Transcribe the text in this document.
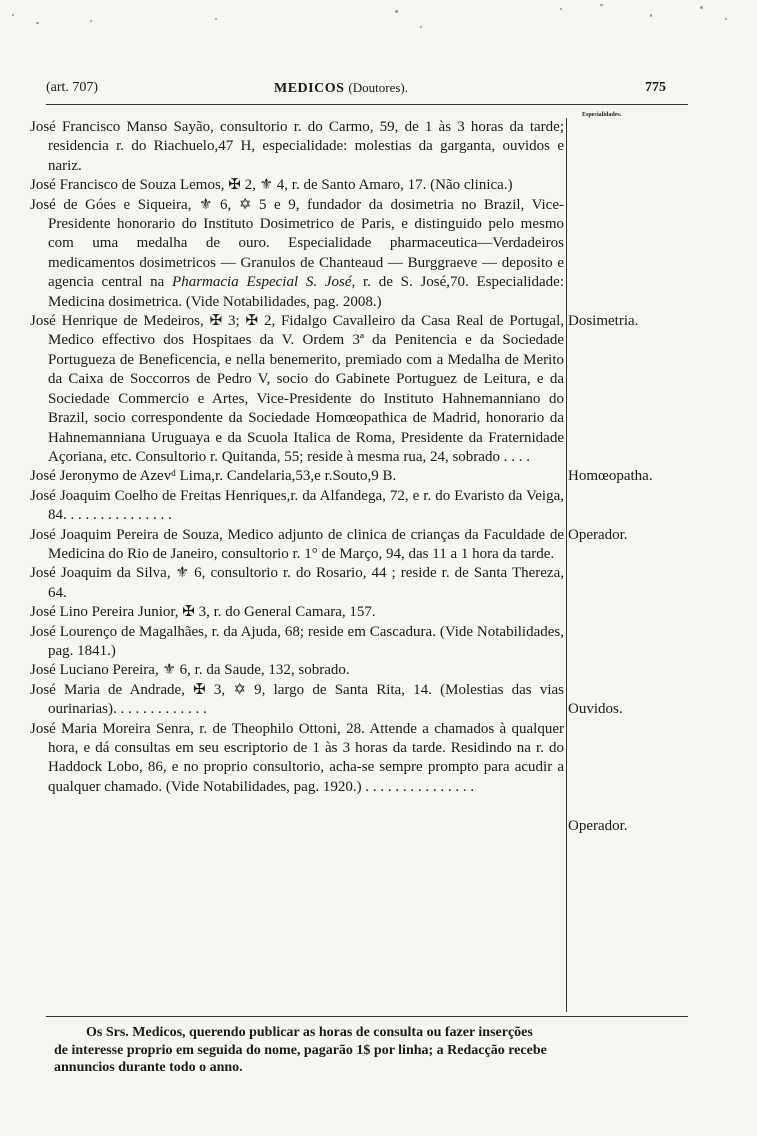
(art. 707)	MEDICOS (Doutores).	775
Especialidades.
José Francisco Manso Sayão, consultorio r. do Carmo, 59, de 1 às 3 horas da tarde; residencia r. do Riachuelo,47 H, especialidade: molestias da garganta, ouvidos e nariz.
José Francisco de Souza Lemos, ✠ 2, ⚜ 4, r. de Santo Amaro, 17. (Não clinica.)
José de Góes e Siqueira, ⚜ 6, ✡ 5 e 9, fundador da dosimetria no Brazil, Vice-Presidente honorario do Instituto Dosimetrico de Paris, e distinguido pelo mesmo com uma medalha de ouro. Especialidade pharmaceutica—Verdadeiros medicamentos dosimetricos — Granulos de Chanteaud — Burggraeve — deposito e agencia central na Pharmacia Especial S. José, r. de S. José,70. Especialidade: Medicina dosimetrica. (Vide Notabilidades, pag. 2008.)
Dosimetria.
José Henrique de Medeiros, ✠ 3; ✠ 2, Fidalgo Cavalleiro da Casa Real de Portugal, Medico effectivo dos Hospitaes da V. Ordem 3ª da Penitencia e da Sociedade Portugueza de Beneficencia, e nella benemerito, premiado com a Medalha de Merito da Caixa de Soccorros de Pedro V, socio do Gabinete Portuguez de Leitura, e da Sociedade Commercio e Artes, Vice-Presidente do Instituto Hahnemanniano do Brazil, socio correspondente da Sociedade Homœopathica de Madrid, honorario da Hahnemanniana Uruguaya e da Scuola Italica de Roma, Presidente da Fraternidade Açoriana, etc. Consultorio r. Quitanda, 55; reside à mesma rua, 24, sobrado . . . .
Homœopatha.
José Jeronymo de Azevᵈ Lima,r. Candelaria,53,e r.Souto,9 B.
José Joaquim Coelho de Freitas Henriques,r. da Alfandega, 72, e r. do Evaristo da Veiga, 84. . . . . . . . . . . . . . .
Operador.
José Joaquim Pereira de Souza, Medico adjunto de clinica de crianças da Faculdade de Medicina do Rio de Janeiro, consultorio r. 1° de Março, 94, das 11 a 1 hora da tarde.
José Joaquim da Silva, ⚜ 6, consultorio r. do Rosario, 44 ; reside r. de Santa Thereza, 64.
José Lino Pereira Junior, ✠ 3, r. do General Camara, 157.
José Lourenço de Magalhães, r. da Ajuda, 68; reside em Cascadura. (Vide Notabilidades, pag. 1841.)
José Luciano Pereira, ⚜ 6, r. da Saude, 132, sobrado.
Ouvidos.
José Maria de Andrade, ✠ 3, ✡ 9, largo de Santa Rita, 14. (Molestias das vias ourinarias). . . . . . . . . . . . .
Operador.
José Maria Moreira Senra, r. de Theophilo Ottoni, 28. Attende a chamados à qualquer hora, e dá consultas em seu escriptorio de 1 às 3 horas da tarde. Residindo na r. do Haddock Lobo, 86, e no proprio consultorio, acha-se sempre prompto para acudir a qualquer chamado. (Vide Notabilidades, pag. 1920.) . . . . . . . . . . . . . . .
Os Srs. Medicos, querendo publicar as horas de consulta ou fazer inserções
de interesse proprio em seguida do nome, pagarão 1$ por linha; a Redacção recebe
annuncios durante todo o anno.
